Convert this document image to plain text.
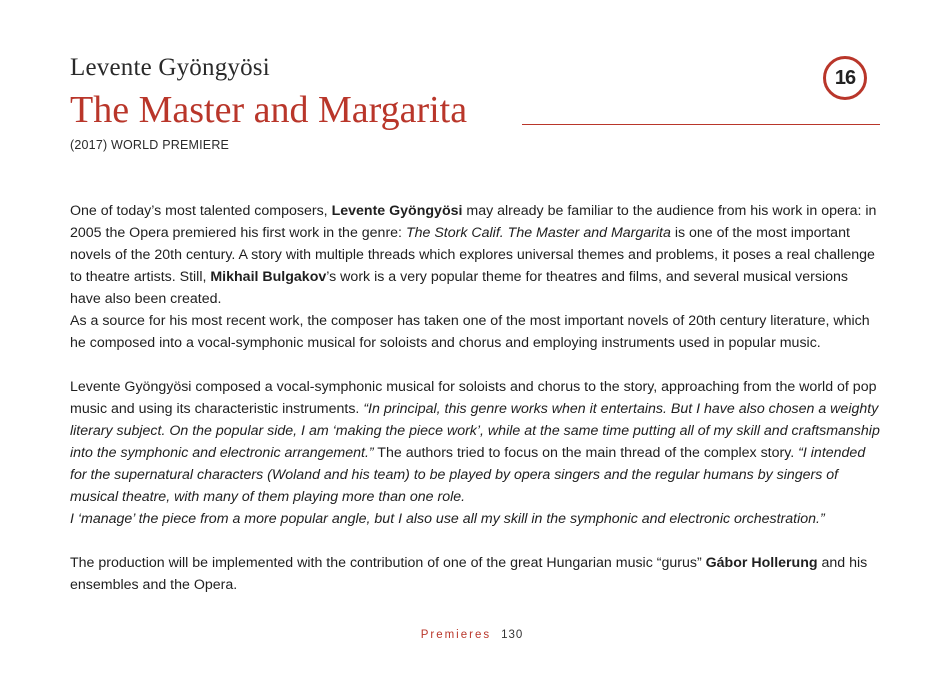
Levente Gyöngyösi	16
The Master and Margarita
(2017) WORLD PREMIERE

One of today’s most talented composers, Levente Gyöngyösi may already be familiar to the audience from his work in opera: in 2005 the Opera premiered his first work in the genre: The Stork Calif. The Master and Margarita is one of the most important novels of the 20th century. A story with multiple threads which explores universal themes and problems, it poses a real challenge to theatre artists. Still, Mikhail Bulgakov’s work is a very popular theme for theatres and films, and several musical versions have also been created.

As a source for his most recent work, the composer has taken one of the most important novels of 20th century literature, which he composed into a vocal-symphonic musical for soloists and chorus and employing instruments used in popular music.

Levente Gyöngyösi composed a vocal-symphonic musical for soloists and chorus to the story, approaching from the world of pop music and using its characteristic instruments. “In principal, this genre works when it entertains. But I have also chosen a weighty literary subject. On the popular side, I am ‘making the piece work’, while at the same time putting all of my skill and craftsmanship into the symphonic and electronic arrangement.” The authors tried to focus on the main thread of the complex story. “I intended for the supernatural characters (Woland and his team) to be played by opera singers and the regular humans by singers of musical theatre, with many of them playing more than one role.
I ‘manage’ the piece from a more popular angle, but I also use all my skill in the symphonic and electronic orchestration.”

The production will be implemented with the contribution of one of the great Hungarian music “gurus” Gábor Hollerung and his ensembles and the Opera.

Premieres 130
